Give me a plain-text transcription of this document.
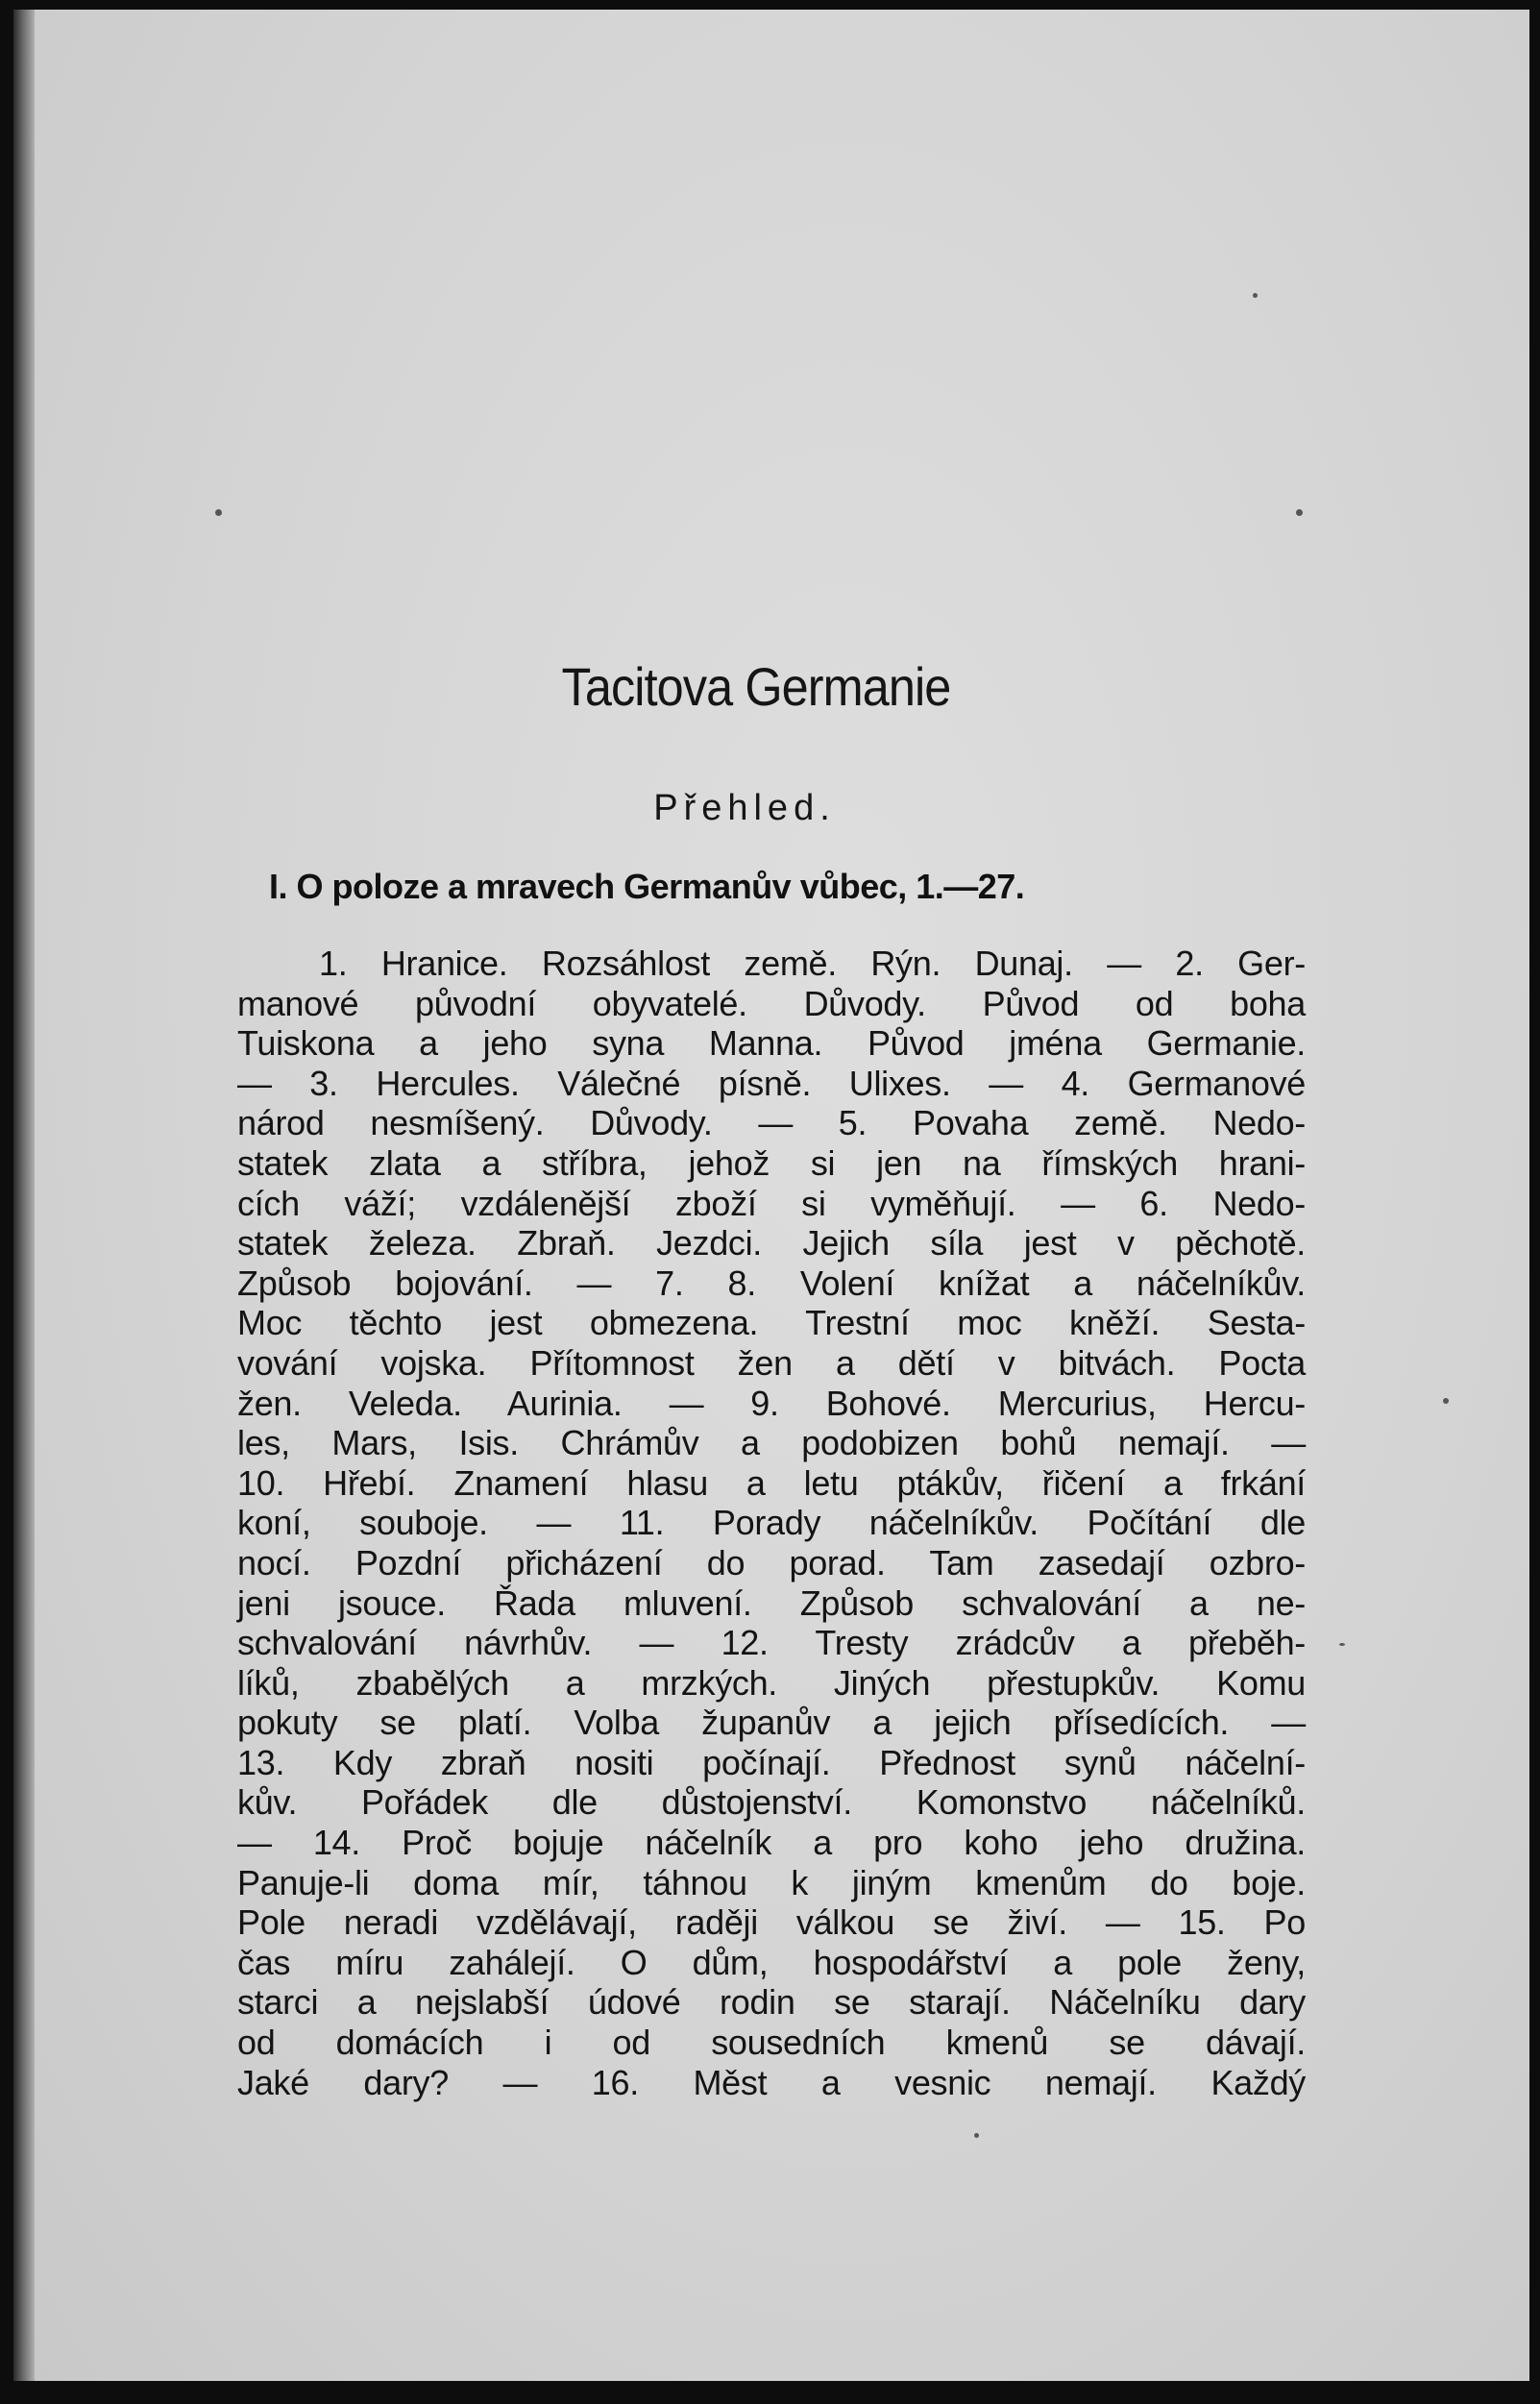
Tacitova Germanie
Přehled.
I. O poloze a mravech Germanův vůbec, 1.—27.
1. Hranice. Rozsáhlost země. Rýn. Dunaj. — 2. Ger-
manové původní obyvatelé. Důvody. Původ od boha
Tuiskona a jeho syna Manna. Původ jména Germanie.
— 3. Hercules. Válečné písně. Ulixes. — 4. Germanové
národ nesmíšený. Důvody. — 5. Povaha země. Nedo-
statek zlata a stříbra, jehož si jen na římských hrani-
cích váží; vzdálenější zboží si vyměňují. — 6. Nedo-
statek železa. Zbraň. Jezdci. Jejich síla jest v pěchotě.
Způsob bojování. — 7. 8. Volení knížat a náčelníkův.
Moc těchto jest obmezena. Trestní moc kněží. Sesta-
vování vojska. Přítomnost žen a dětí v bitvách. Pocta
žen. Veleda. Aurinia. — 9. Bohové. Mercurius, Hercu-
les, Mars, Isis. Chrámův a podobizen bohů nemají. —
10. Hřebí. Znamení hlasu a letu ptákův, řičení a frkání
koní, souboje. — 11. Porady náčelníkův. Počítání dle
nocí. Pozdní přicházení do porad. Tam zasedají ozbro-
jeni jsouce. Řada mluvení. Způsob schvalování a ne-
schvalování návrhův. — 12. Tresty zrádcův a přeběh-
líků, zbabělých a mrzkých. Jiných přestupkův. Komu
pokuty se platí. Volba županův a jejich přísedících. —
13. Kdy zbraň nositi počínají. Přednost synů náčelní-
kův. Pořádek dle důstojenství. Komonstvo náčelníků.
— 14. Proč bojuje náčelník a pro koho jeho družina.
Panuje-li doma mír, táhnou k jiným kmenům do boje.
Pole neradi vzdělávají, raději válkou se živí. — 15. Po
čas míru zahálejí. O dům, hospodářství a pole ženy,
starci a nejslabší údové rodin se starají. Náčelníku dary
od domácích i od sousedních kmenů se dávají.
Jaké dary? — 16. Měst a vesnic nemají. Každý
